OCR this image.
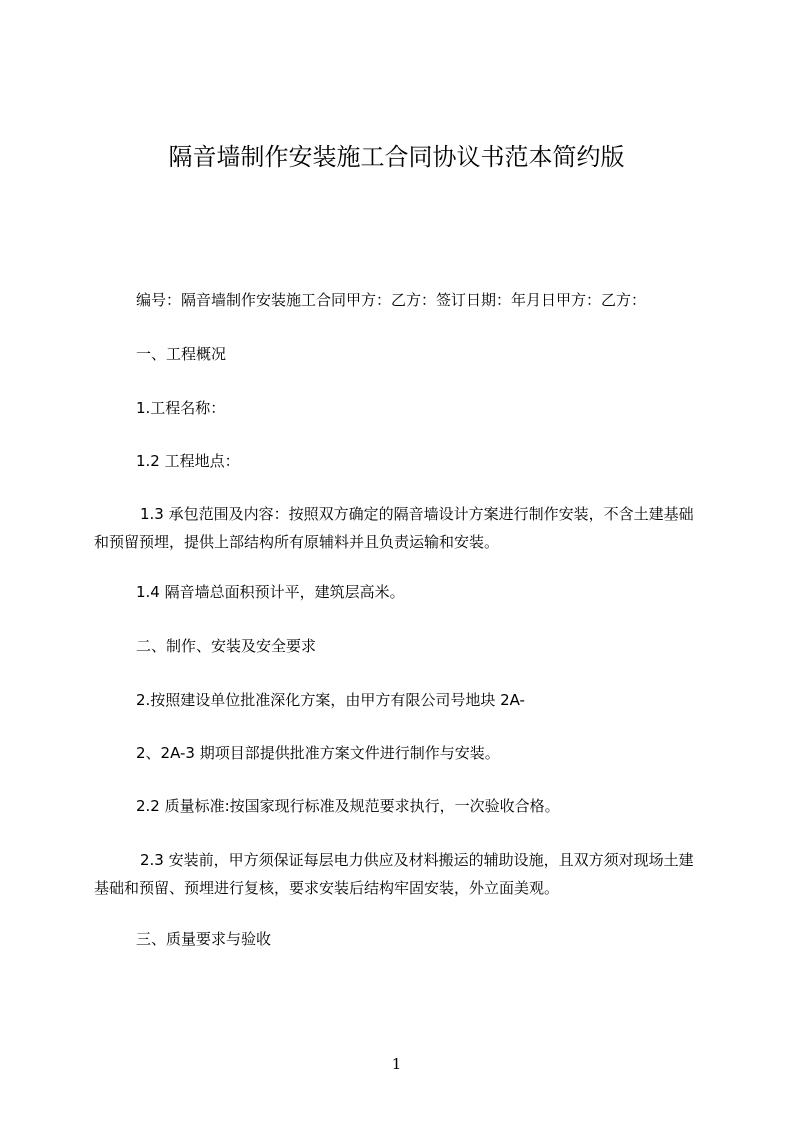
隔音墙制作安装施工合同协议书范本简约版
编号：隔音墙制作安装施工合同甲方：乙方：签订日期：年月日甲方：乙方：
一、工程概况
1.工程名称：
1.2 工程地点：
1.3 承包范围及内容：按照双方确定的隔音墙设计方案进行制作安装，不含土建基础和预留预埋，提供上部结构所有原辅料并且负责运输和安装。
1.4 隔音墙总面积预计平，建筑层高米。
二、制作、安装及安全要求
2.按照建设单位批准深化方案，由甲方有限公司号地块 2A-
2、2A-3 期项目部提供批准方案文件进行制作与安装。
2.2 质量标准:按国家现行标准及规范要求执行，一次验收合格。
2.3 安装前，甲方须保证每层电力供应及材料搬运的辅助设施，且双方须对现场土建基础和预留、预埋进行复核，要求安装后结构牢固安装，外立面美观。
三、质量要求与验收
1
